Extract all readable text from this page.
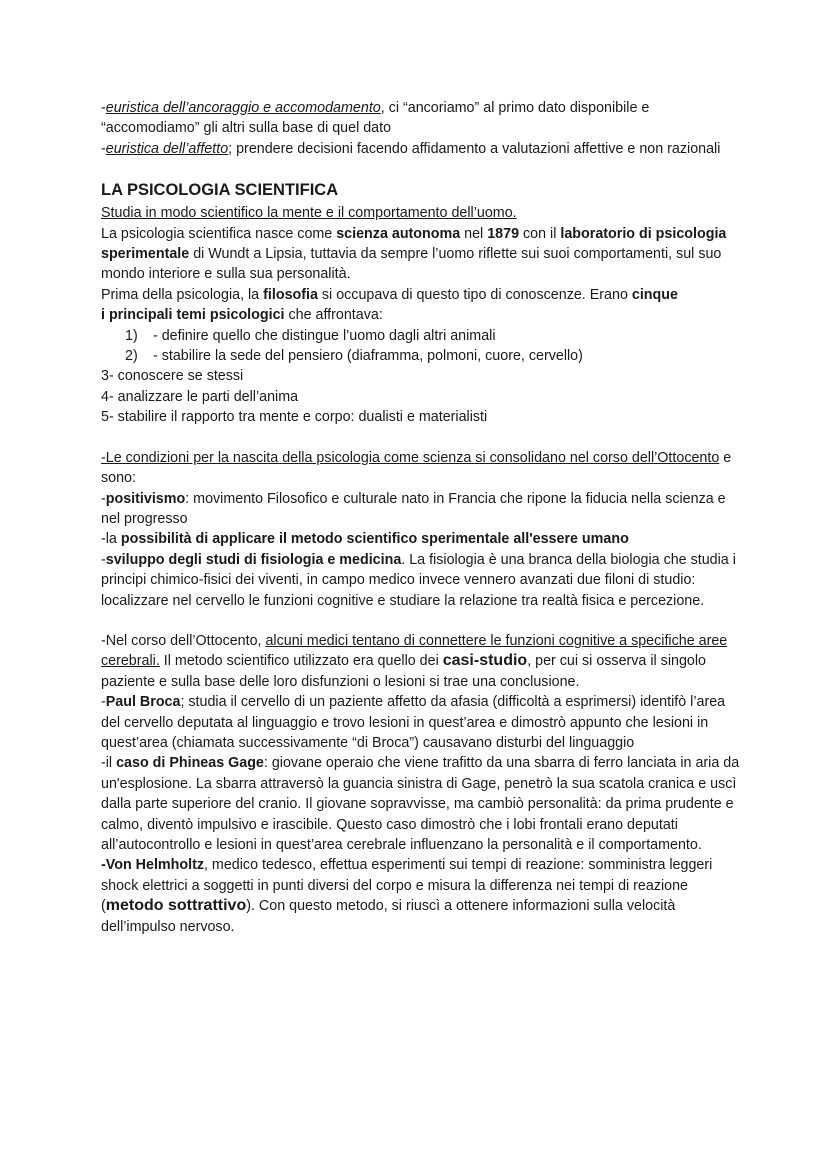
-euristica dell’ancoraggio e accomodamento, ci “ancoriamo” al primo dato disponibile e “accomodiamo” gli altri sulla base di quel dato

-euristica dell’affetto; prendere decisioni facendo affidamento a valutazioni affettive e non razionali

LA PSICOLOGIA SCIENTIFICA

Studia in modo scientifico la mente e il comportamento dell’uomo.

La psicologia scientifica nasce come scienza autonoma nel 1879 con il laboratorio di psicologia sperimentale di Wundt a Lipsia, tuttavia da sempre l’uomo riflette sui suoi comportamenti, sul suo mondo interiore e sulla sua personalità.

Prima della psicologia, la filosofia si occupava di questo tipo di conoscenze. Erano cinque
i principali temi psicologici che affrontava:

1) - definire quello che distingue l’uomo dagli altri animali
2) - stabilire la sede del pensiero (diaframma, polmoni, cuore, cervello)

3- conoscere se stessi

4- analizzare le parti dell’anima

5- stabilire il rapporto tra mente e corpo: dualisti e materialisti

-Le condizioni per la nascita della psicologia come scienza si consolidano nel corso dell’Ottocento e sono:

-positivismo: movimento Filosofico e culturale nato in Francia che ripone la fiducia nella scienza e nel progresso

-la possibilità di applicare il metodo scientifico sperimentale all'essere umano

-sviluppo degli studi di fisiologia e medicina. La fisiologia è una branca della biologia che studia i principi chimico-fisici dei viventi, in campo medico invece vennero avanzati due filoni di studio: localizzare nel cervello le funzioni cognitive e studiare la relazione tra realtà fisica e percezione.

-Nel corso dell’Ottocento, alcuni medici tentano di connettere le funzioni cognitive a specifiche aree cerebrali. Il metodo scientifico utilizzato era quello dei casi-studio, per cui si osserva il singolo paziente e sulla base delle loro disfunzioni o lesioni si trae una conclusione.

-Paul Broca; studia il cervello di un paziente affetto da afasia (difficoltà a esprimersi) identifò l’area del cervello deputata al linguaggio e trovo lesioni in quest’area e dimostrò appunto che lesioni in quest’area (chiamata successivamente “di Broca”) causavano disturbi del linguaggio

-il caso di Phineas Gage: giovane operaio che viene trafitto da una sbarra di ferro lanciata in aria da un'esplosione. La sbarra attraversò la guancia sinistra di Gage, penetrò la sua scatola cranica e uscì dalla parte superiore del cranio. Il giovane sopravvisse, ma cambiò personalità: da prima prudente e calmo, diventò impulsivo e irascibile. Questo caso dimostrò che i lobi frontali erano deputati all’autocontrollo e lesioni in quest’area cerebrale influenzano la personalità e il comportamento.

-Von Helmholtz, medico tedesco, effettua esperimenti sui tempi di reazione: somministra leggeri shock elettrici a soggetti in punti diversi del corpo e misura la differenza nei tempi di reazione (metodo sottrattivo). Con questo metodo, si riuscì a ottenere informazioni sulla velocità dell’impulso nervoso.
